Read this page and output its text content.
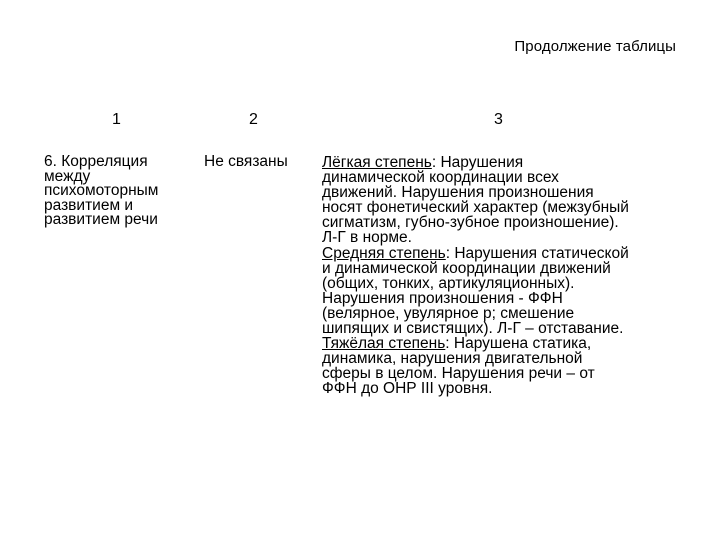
Продолжение таблицы
1	2	3
6. Корреляция
между
психомоторным
развитием и
развитием речи
Не связаны	Лёгкая степень: Нарушения
динамической координации всех
движений. Нарушения произношения
носят фонетический характер (межзубный
сигматизм, губно-зубное произношение).
Л-Г в норме.
Средняя степень: Нарушения статической
и динамической координации движений
(общих, тонких, артикуляционных).
Нарушения произношения - ФФН
(велярное, увулярное р; смешение
шипящих и свистящих). Л-Г – отставание.
Тяжёлая степень: Нарушена статика,
динамика, нарушения двигательной
сферы в целом. Нарушения речи – от
ФФН до ОНР III уровня.
